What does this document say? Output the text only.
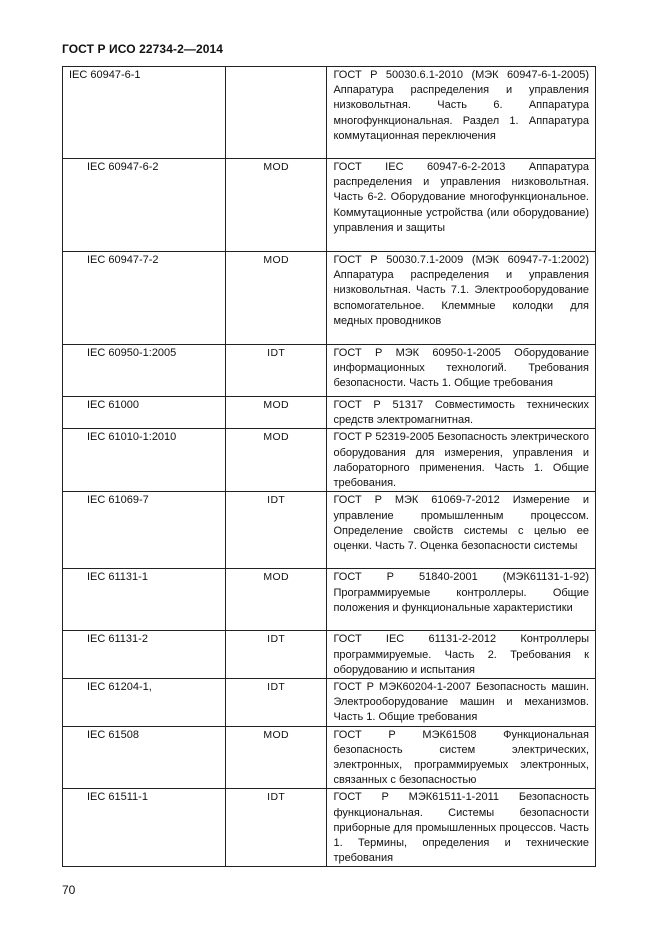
ГОСТ Р ИСО 22734-2—2014
IEC 60947-6-1		ГОСТ Р 50030.6.1-2010 (МЭК 60947-6-1-2005) Аппаратура распределения и управления низковольтная. Часть 6. Аппаратура многофункциональная. Раздел 1. Аппаратура коммутационная переключения
IEC 60947-6-2	MOD	ГОСТ IEC 60947-6-2-2013 Аппаратура распределения и управления низковольтная. Часть 6-2. Оборудование многофункциональное. Коммутационные устройства (или оборудование) управления и защиты
IEC 60947-7-2	MOD	ГОСТ Р 50030.7.1-2009 (МЭК 60947-7-1:2002) Аппаратура распределения и управления низковольтная. Часть 7.1. Электрооборудование вспомогательное. Клеммные колодки для медных проводников
IEC 60950-1:2005	IDT	ГОСТ Р МЭК 60950-1-2005 Оборудование информационных технологий. Требования безопасности. Часть 1. Общие требования
IEC 61000	MOD	ГОСТ Р 51317 Совместимость технических средств электромагнитная.
IEC 61010-1:2010	MOD	ГОСТ Р 52319-2005 Безопасность электрического оборудования для измерения, управления и лабораторного применения. Часть 1. Общие требования.
IEC 61069-7	IDT	ГОСТ Р МЭК 61069-7-2012 Измерение и управление промышленным процессом. Определение свойств системы с целью ее оценки. Часть 7. Оценка безопасности системы
IEC 61131-1	MOD	ГОСТ Р 51840-2001 (МЭК61131-1-92) Программируемые контроллеры. Общие положения и функциональные характеристики
IEC 61131-2	IDT	ГОСТ IEC 61131-2-2012 Контроллеры программируемые. Часть 2. Требования к оборудованию и испытания
IEC 61204-1,	IDT	ГОСТ Р МЭК60204-1-2007 Безопасность машин. Электрооборудование машин и механизмов. Часть 1. Общие требования
IEC 61508	MOD	ГОСТ Р МЭК61508 Функциональная безопасность систем электрических, электронных, программируемых электронных, связанных с безопасностью
IEC 61511-1	IDT	ГОСТ Р МЭК61511-1-2011 Безопасность функциональная. Системы безопасности приборные для промышленных процессов. Часть 1. Термины, определения и технические требования
70
